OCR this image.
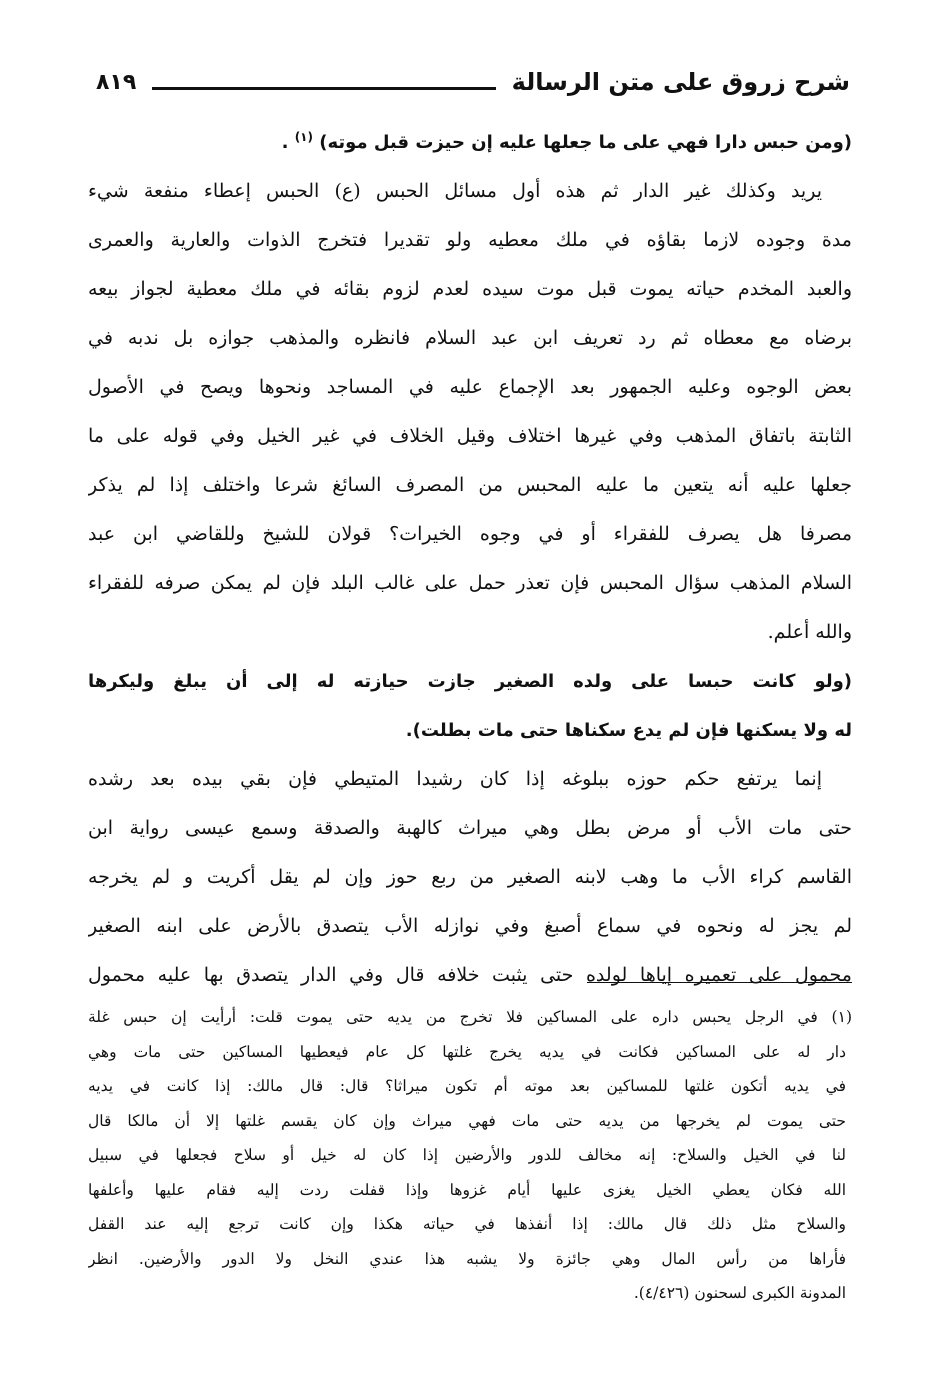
شرح زروق على متن الرسالة
٨١٩
(ومن حبس دارا فهي على ما جعلها عليه إن حيزت قبل موته) $^{(١)}$ .
يريد وكذلك غير الدار ثم هذه أول مسائل الحبس (ع) الحبس إعطاء منفعة شيء
مدة وجوده لازما بقاؤه في ملك معطيه ولو تقديرا فتخرج الذوات والعارية والعمرى
والعبد المخدم حياته يموت قبل موت سيده لعدم لزوم بقائه في ملك معطية لجواز بيعه
برضاه مع معطاه ثم رد تعريف ابن عبد السلام فانظره والمذهب جوازه بل ندبه في
بعض الوجوه وعليه الجمهور بعد الإجماع عليه في المساجد ونحوها ويصح في الأصول
الثابتة باتفاق المذهب وفي غيرها اختلاف وقيل الخلاف في غير الخيل وفي قوله على ما
جعلها عليه أنه يتعين ما عليه المحبس من المصرف السائغ شرعا واختلف إذا لم يذكر
مصرفا هل يصرف للفقراء أو في وجوه الخيرات؟ قولان للشيخ وللقاضي ابن عبد
السلام المذهب سؤال المحبس فإن تعذر حمل على غالب البلد فإن لم يمكن صرفه للفقراء
والله أعلم.
(ولو كانت حبسا على ولده الصغير جازت حيازته له إلى أن يبلغ وليكرها
له ولا يسكنها فإن لم يدع سكناها حتى مات بطلت).
إنما يرتفع حكم حوزه ببلوغه إذا كان رشيدا المتيطي فإن بقي بيده بعد رشده
حتى مات الأب أو مرض بطل وهي ميراث كالهبة والصدقة وسمع عيسى رواية ابن
القاسم كراء الأب ما وهب لابنه الصغير من ربع حوز وإن لم يقل أكريت و لم يخرجه
لم يجز له ونحوه في سماع أصبغ وفي نوازله الأب يتصدق بالأرض على ابنه الصغير
محمول على تعميره إياها لولده حتى يثبت خلافه قال وفي الدار يتصدق بها عليه محمول
(١) في الرجل يحبس داره على المساكين فلا تخرج من يديه حتى يموت قلت: أرأيت إن حبس غلة
دار له على المساكين فكانت في يديه يخرج غلتها كل عام فيعطيها المساكين حتى مات وهي
في يديه أتكون غلتها للمساكين بعد موته أم تكون ميراثا؟ قال: قال مالك: إذا كانت في يديه
حتى يموت لم يخرجها من يديه حتى مات فهي ميراث وإن كان يقسم غلتها إلا أن مالكا قال
لنا في الخيل والسلاح: إنه مخالف للدور والأرضين إذا كان له خيل أو سلاح فجعلها في سبيل
الله فكان يعطي الخيل يغزى عليها أيام غزوها وإذا قفلت ردت إليه فقام عليها وأعلفها
والسلاح مثل ذلك قال مالك: إذا أنفذها في حياته هكذا وإن كانت ترجع إليه عند القفل
فأراها من رأس المال وهي جائزة ولا يشبه هذا عندي النخل ولا الدور والأرضين. انظر
المدونة الكبرى لسحنون (٤/٤٢٦).
